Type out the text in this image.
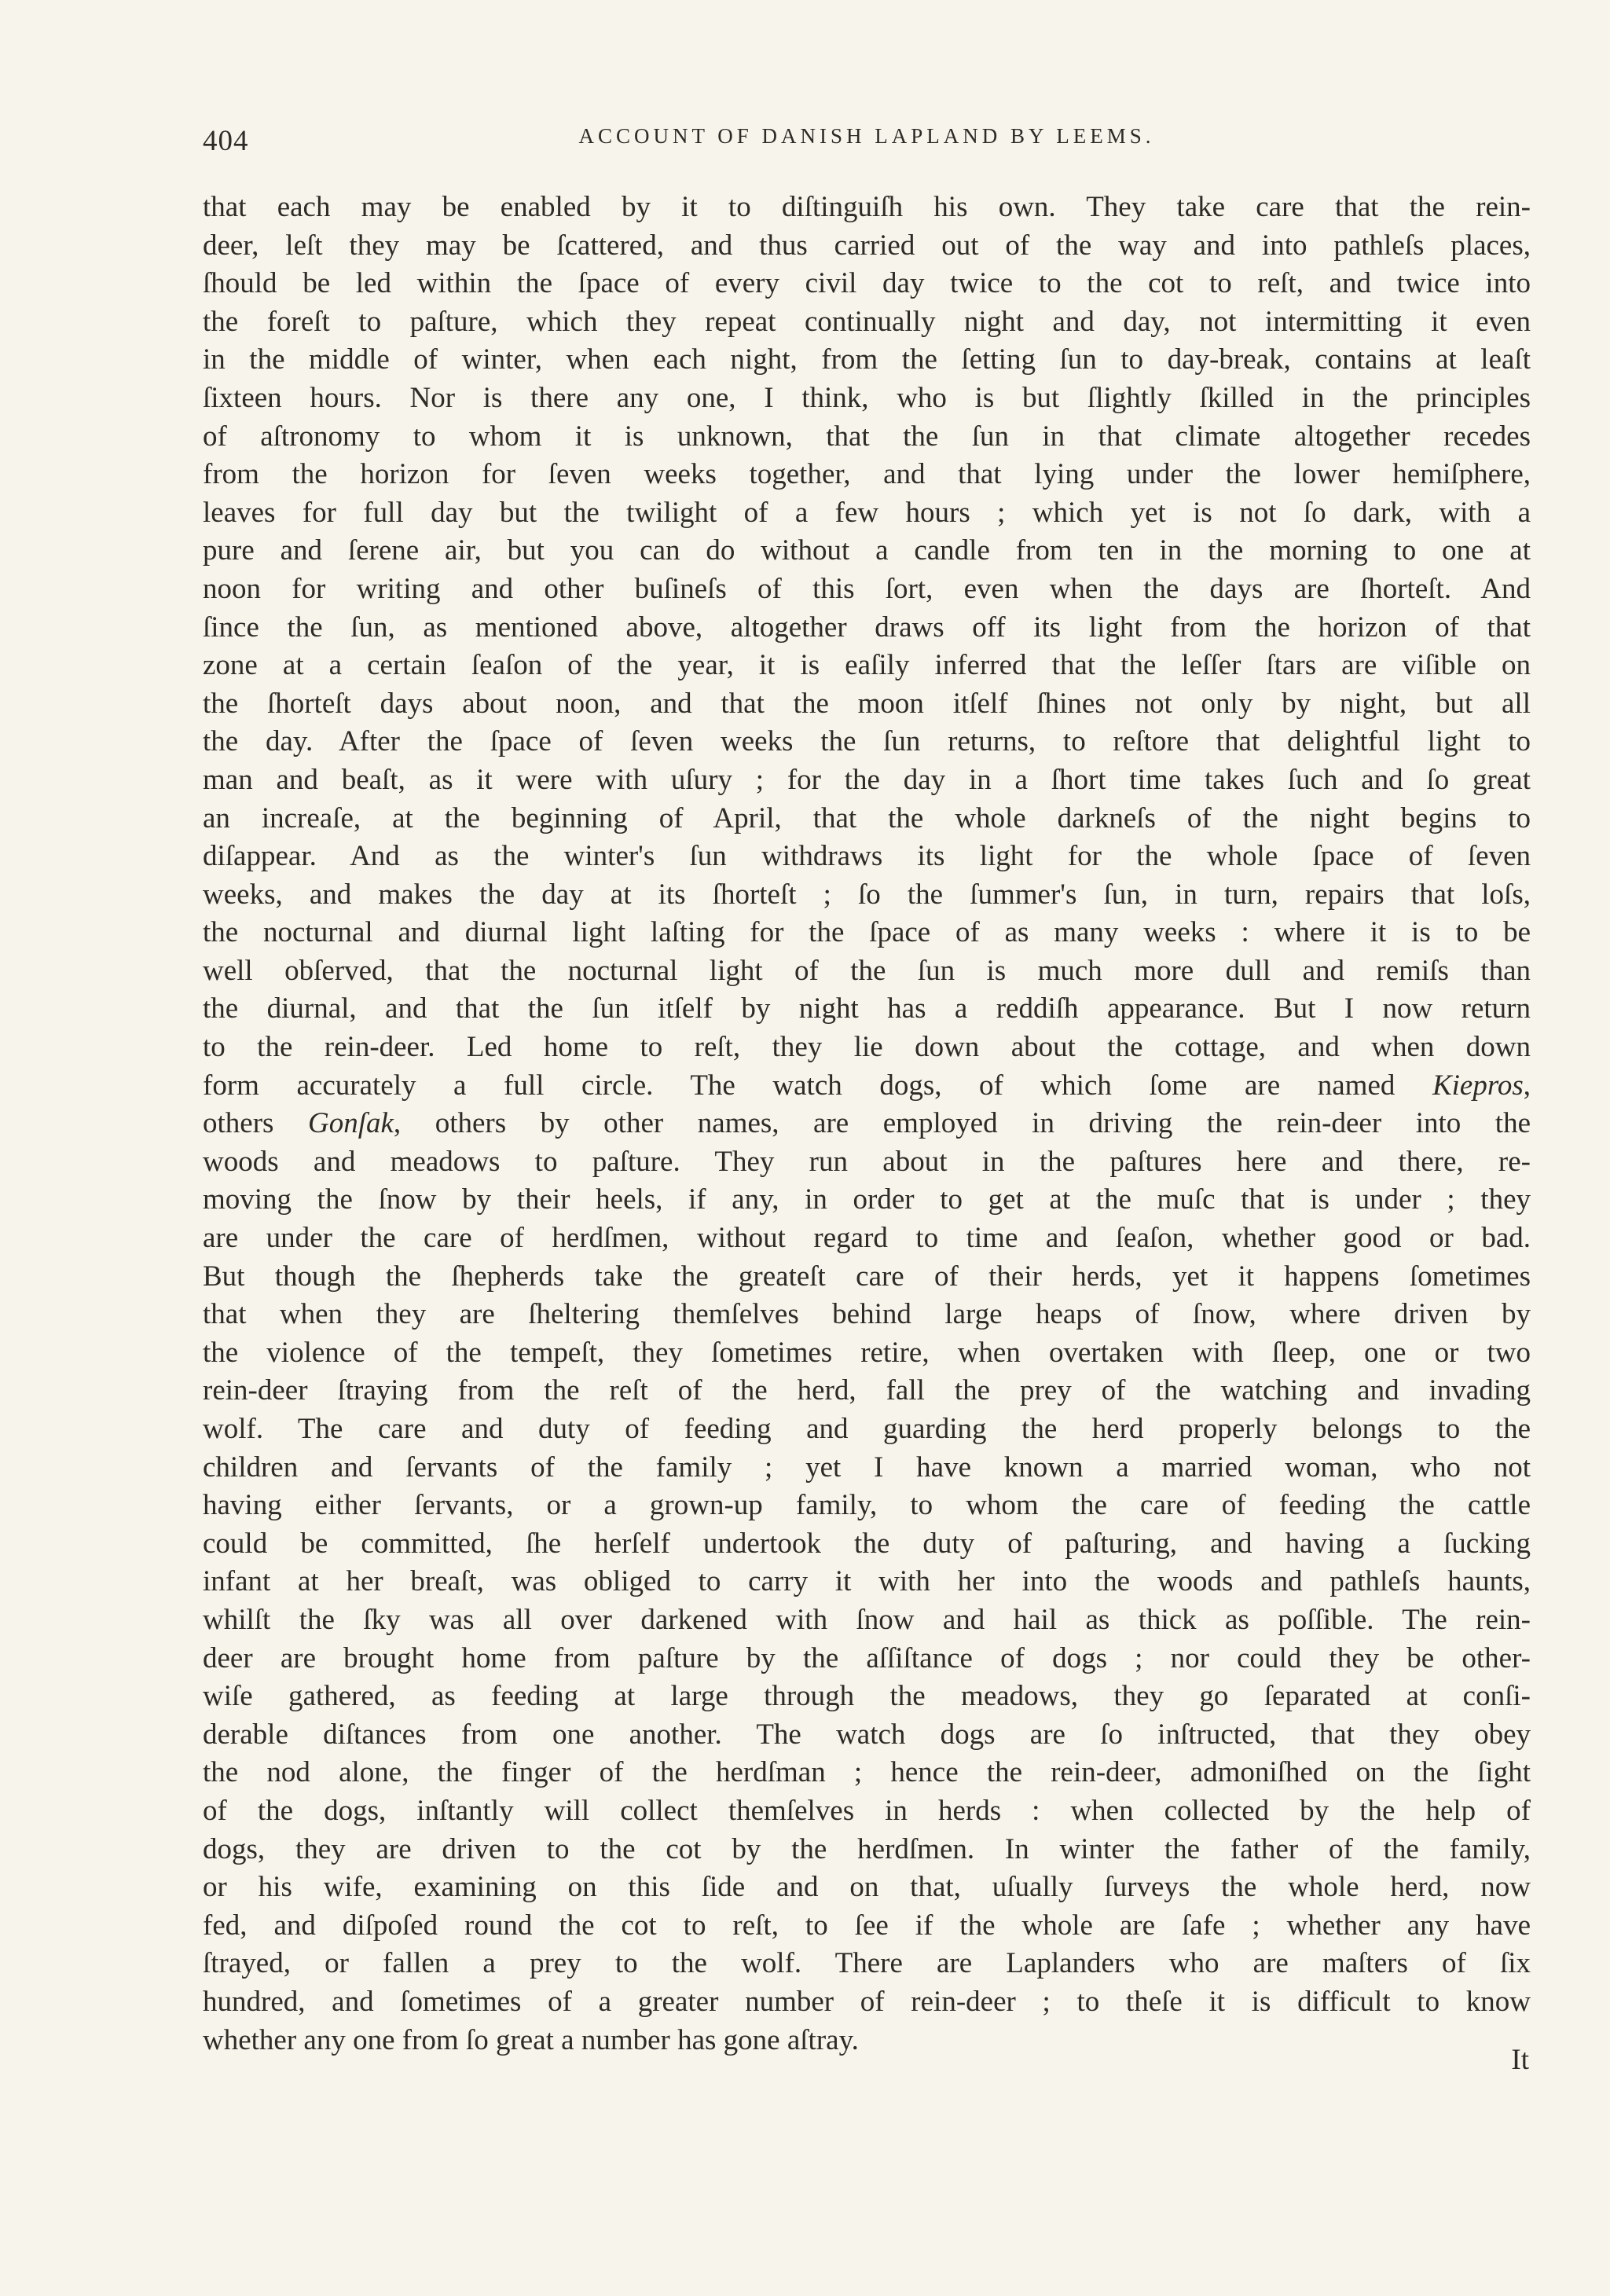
404	ACCOUNT OF DANISH LAPLAND BY LEEMS.
that each may be enabled by it to diſtinguiſh his own. They take care that the rein-
deer, leſt they may be ſcattered, and thus carried out of the way and into pathleſs places,
ſhould be led within the ſpace of every civil day twice to the cot to reſt, and twice into
the foreſt to paſture, which they repeat continually night and day, not intermitting it even
in the middle of winter, when each night, from the ſetting ſun to day-break, contains at leaſt
ſixteen hours. Nor is there any one, I think, who is but ſlightly ſkilled in the principles
of aſtronomy to whom it is unknown, that the ſun in that climate altogether recedes
from the horizon for ſeven weeks together, and that lying under the lower hemiſphere,
leaves for full day but the twilight of a few hours ; which yet is not ſo dark, with a
pure and ſerene air, but you can do without a candle from ten in the morning to one at
noon for writing and other buſineſs of this ſort, even when the days are ſhorteſt. And
ſince the ſun, as mentioned above, altogether draws off its light from the horizon of that
zone at a certain ſeaſon of the year, it is eaſily inferred that the leſſer ſtars are viſible on
the ſhorteſt days about noon, and that the moon itſelf ſhines not only by night, but all
the day. After the ſpace of ſeven weeks the ſun returns, to reſtore that delightful light to
man and beaſt, as it were with uſury ; for the day in a ſhort time takes ſuch and ſo great
an increaſe, at the beginning of April, that the whole darkneſs of the night begins to
diſappear. And as the winter's ſun withdraws its light for the whole ſpace of ſeven
weeks, and makes the day at its ſhorteſt ; ſo the ſummer's ſun, in turn, repairs that loſs,
the nocturnal and diurnal light laſting for the ſpace of as many weeks : where it is to be
well obſerved, that the nocturnal light of the ſun is much more dull and remiſs than
the diurnal, and that the ſun itſelf by night has a reddiſh appearance. But I now return
to the rein-deer. Led home to reſt, they lie down about the cottage, and when down
form accurately a full circle. The watch dogs, of which ſome are named Kiepros,
others Gonſak, others by other names, are employed in driving the rein-deer into the
woods and meadows to paſture. They run about in the paſtures here and there, re-
moving the ſnow by their heels, if any, in order to get at the muſc that is under ; they
are under the care of herdſmen, without regard to time and ſeaſon, whether good or bad.
But though the ſhepherds take the greateſt care of their herds, yet it happens ſometimes
that when they are ſheltering themſelves behind large heaps of ſnow, where driven by
the violence of the tempeſt, they ſometimes retire, when overtaken with ſleep, one or two
rein-deer ſtraying from the reſt of the herd, fall the prey of the watching and invading
wolf. The care and duty of feeding and guarding the herd properly belongs to the
children and ſervants of the family ; yet I have known a married woman, who not
having either ſervants, or a grown-up family, to whom the care of feeding the cattle
could be committed, ſhe herſelf undertook the duty of paſturing, and having a ſucking
infant at her breaſt, was obliged to carry it with her into the woods and pathleſs haunts,
whilſt the ſky was all over darkened with ſnow and hail as thick as poſſible. The rein-
deer are brought home from paſture by the aſſiſtance of dogs ; nor could they be other-
wiſe gathered, as feeding at large through the meadows, they go ſeparated at conſi-
derable diſtances from one another. The watch dogs are ſo inſtructed, that they obey
the nod alone, the finger of the herdſman ; hence the rein-deer, admoniſhed on the ſight
of the dogs, inſtantly will collect themſelves in herds : when collected by the help of
dogs, they are driven to the cot by the herdſmen. In winter the father of the family,
or his wife, examining on this ſide and on that, uſually ſurveys the whole herd, now
fed, and diſpoſed round the cot to reſt, to ſee if the whole are ſafe ; whether any have
ſtrayed, or fallen a prey to the wolf. There are Laplanders who are maſters of ſix
hundred, and ſometimes of a greater number of rein-deer ; to theſe it is difficult to know
whether any one from ſo great a number has gone aſtray.
It
